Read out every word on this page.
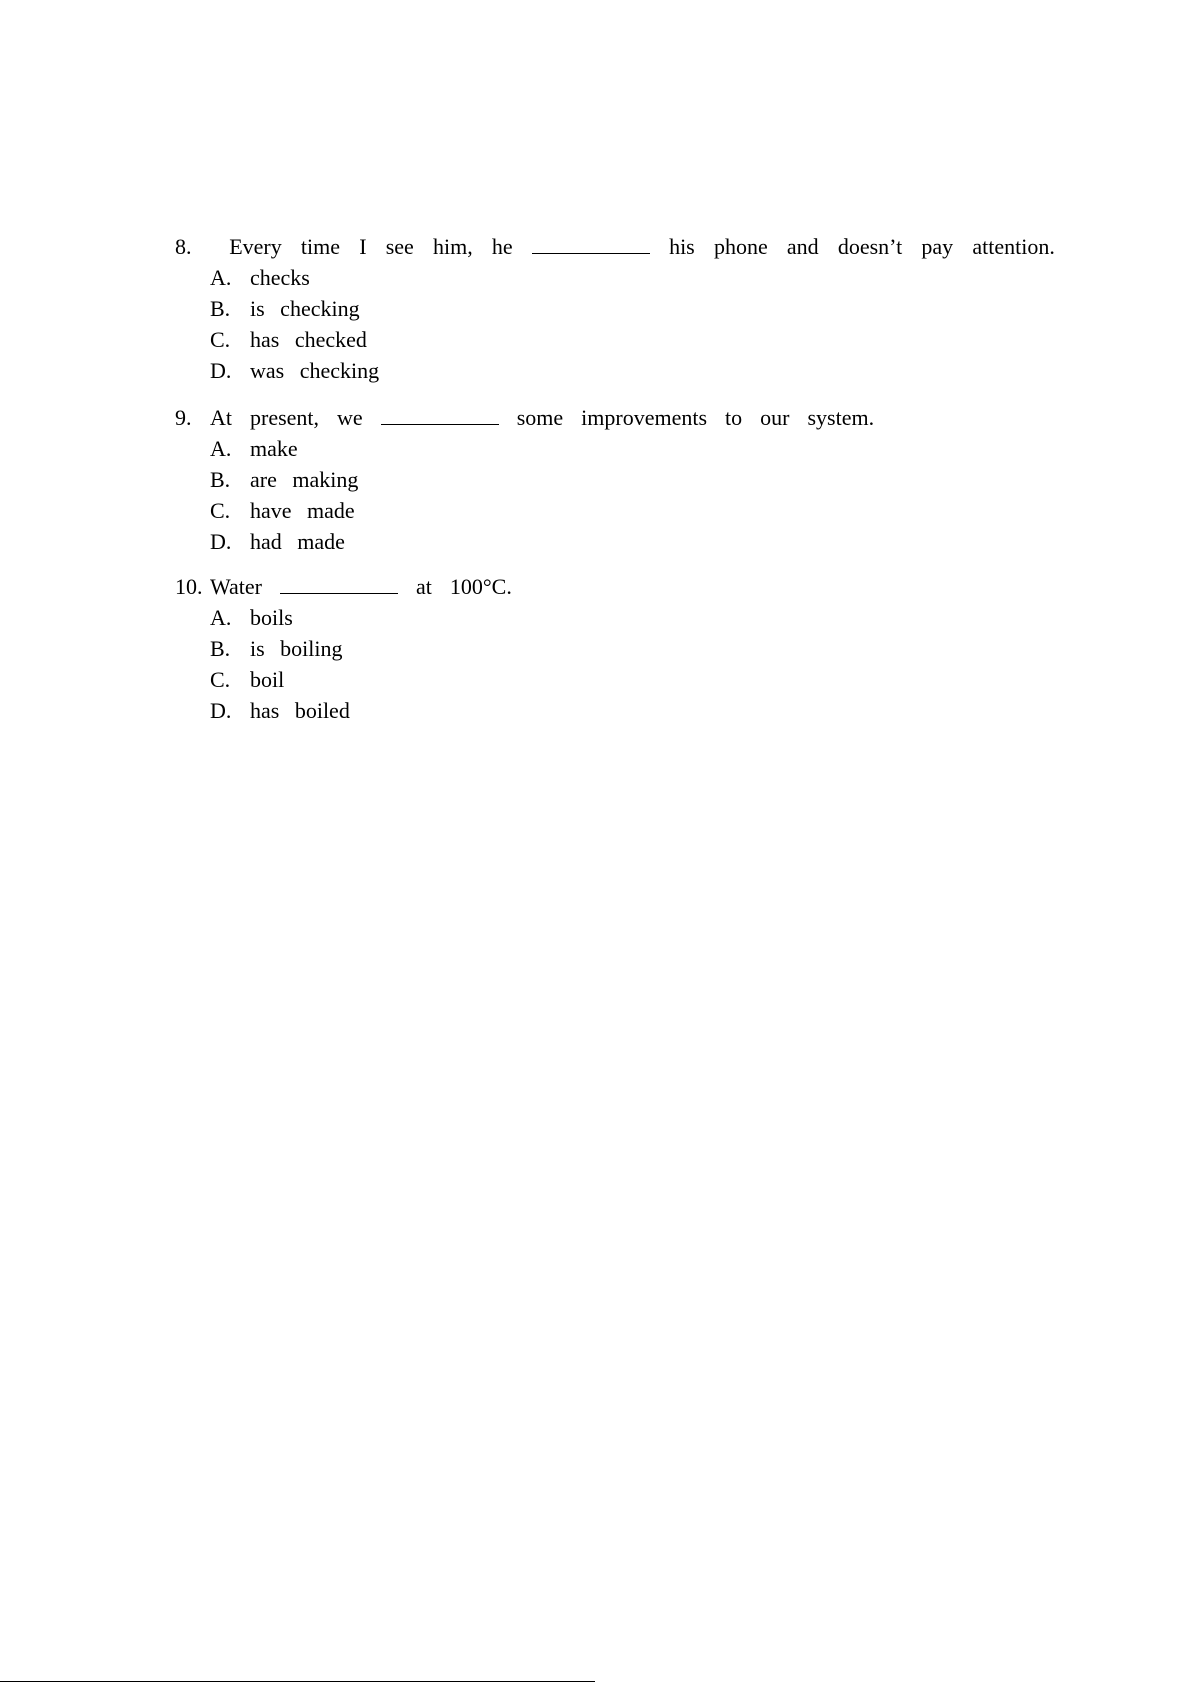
8.	Every time I see him, he	his phone and doesn’t pay attention.
A. checks
B. is checking
C. has checked
D. was checking
9. At present, we	some improvements to our system.
A. make
B. are making
C. have made
D. had made
10. Water	at 100°C.
A. boils
B. is boiling
C. boil
D. has boiled
